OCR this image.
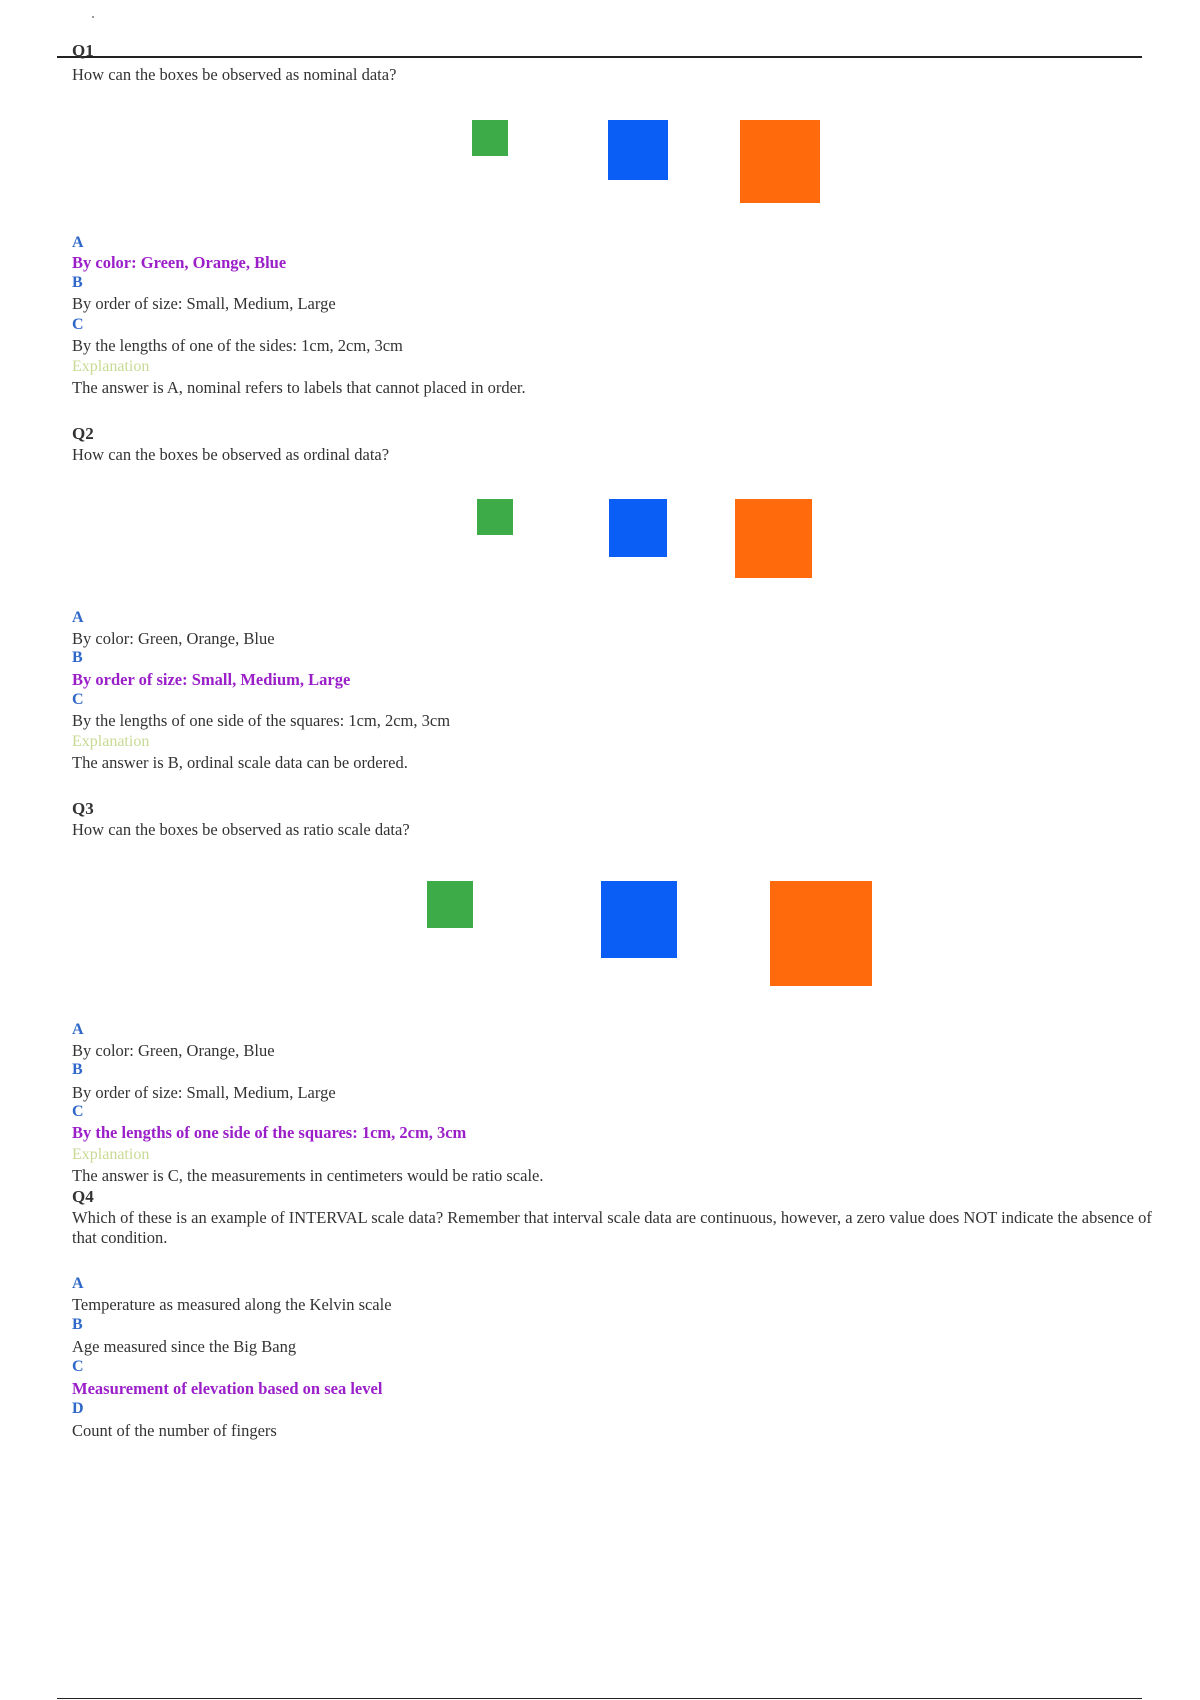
Q1

How can the boxes be observed as nominal data?

A

By color: Green, Orange, Blue

B

By order of size: Small, Medium, Large

C

By the lengths of one of the sides: 1cm, 2cm, 3cm

Explanation

The answer is A, nominal refers to labels that cannot placed in order.

Q2

How can the boxes be observed as ordinal data?

A

By color: Green, Orange, Blue

B

By order of size: Small, Medium, Large

C

By the lengths of one side of the squares: 1cm, 2cm, 3cm

Explanation

The answer is B, ordinal scale data can be ordered.

Q3

How can the boxes be observed as ratio scale data?

A

By color: Green, Orange, Blue

B

By order of size: Small, Medium, Large

C

By the lengths of one side of the squares: 1cm, 2cm, 3cm

Explanation

The answer is C, the measurements in centimeters would be ratio scale.

Q4

Which of these is an example of INTERVAL scale data? Remember that interval scale data are continuous, however, a zero value does NOT indicate the absence of that condition.

A

Temperature as measured along the Kelvin scale

B

Age measured since the Big Bang

C

Measurement of elevation based on sea level

D

Count of the number of fingers
